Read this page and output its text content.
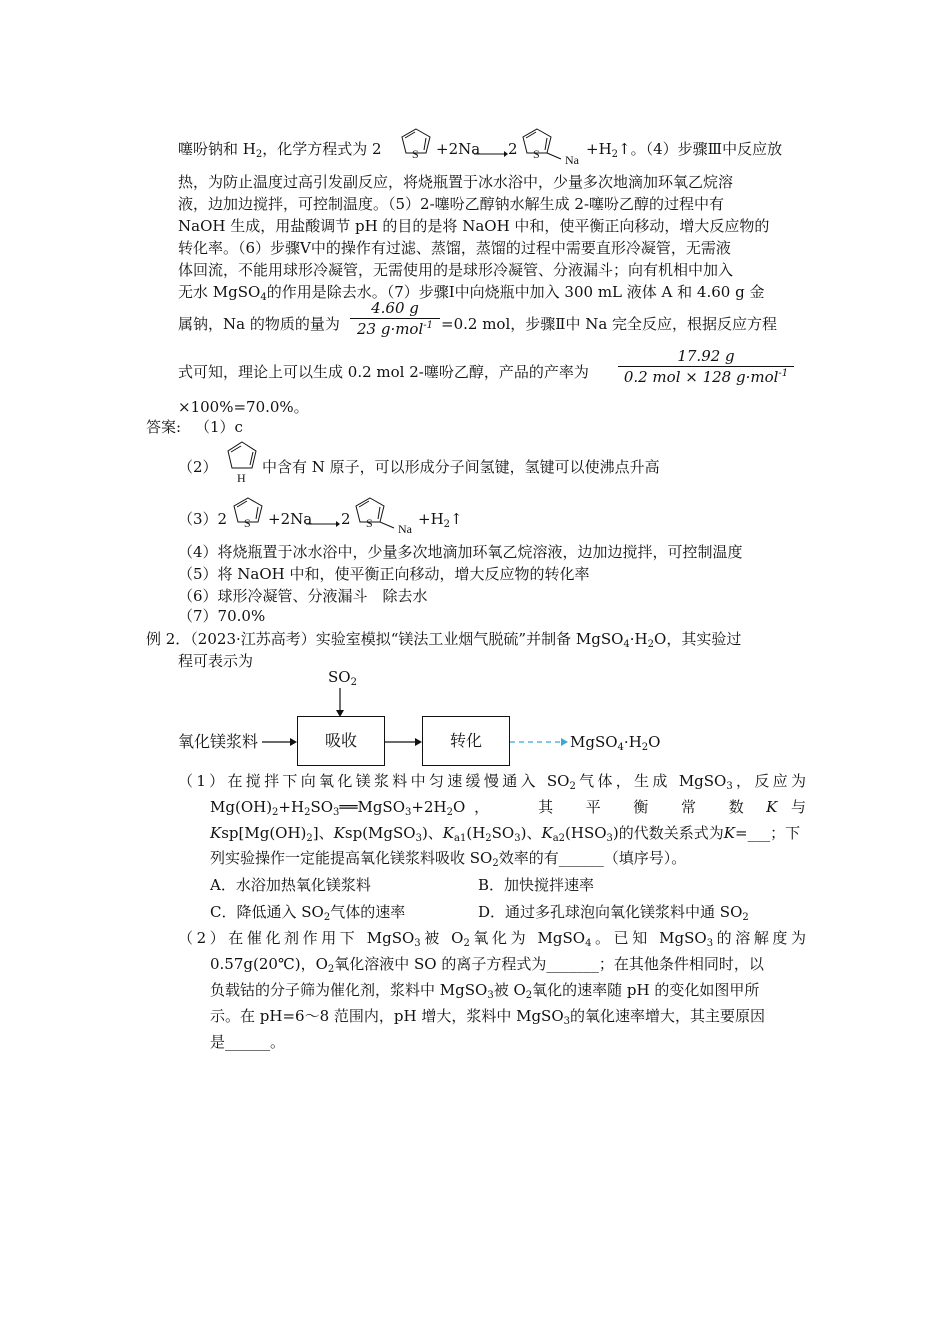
噻吩钠和 $H_2$，化学方程式为 2	S +2Na → 2 S Na
$+H_2↑$。（4）步骤Ⅲ中反应放
热，为防止温度过高引发副反应，将烧瓶置于冰水浴中，少量多次地滴加环氧乙烷溶
液，边加边搅拌，可控制温度。（5）2-噻吩乙醇钠水解生成 2-噻吩乙醇的过程中有
NaOH 生成，用盐酸调节 pH 的目的是将 NaOH 中和，使平衡正向移动，增大反应物的
转化率。（6）步骤Ⅴ中的操作有过滤、蒸馏，蒸馏的过程中需要直形冷凝管，无需液
体回流，不能用球形冷凝管，无需使用的是球形冷凝管、分液漏斗；向有机相中加入
无水 MgSO$_4$的作用是除去水。（7）步骤Ⅰ中向烧瓶中加入 300 mL 液体 A 和 4.60 g 金
属钠，Na 的物质的量为
4.60 g
23 g·mol$^{-1}$ =0.2 mol，步骤Ⅱ中 Na 完全反应，根据反应方程
式可知，理论上可以生成 0.2 mol 2-噻吩乙醇，产品的产率为
17.92 g
0.2 mol × 128 g·mol$^{-1}$
×100%=70.0%。
答案: （1）c
（2）
H
中含有 N 原子，可以形成分子间氢键，氢键可以使沸点升高
（3）2 S +2Na → 2 S Na
$+H_2↑$
（4）将烧瓶置于冰水浴中，少量多次地滴加环氧乙烷溶液，边加边搅拌，可控制温度
（5）将 NaOH 中和，使平衡正向移动，增大反应物的转化率
（6）球形冷凝管、分液漏斗　除去水
（7）70.0%
例 2．（2023·江苏高考）实验室模拟“镁法工业烟气脱硫”并制备 $MgSO_4\cdot H_2O$，其实验过
程可表示为
$SO_2$
氧化镁浆料	吸收	转化	$MgSO_4\cdot H_2O$
（1）在搅拌下向氧化镁浆料中匀速缓慢通入 $SO_2$气体，生成 MgSO$_3$，反应为
$Mg(OH)_2+H_2SO_3══MgSO_3+2H_2O$，　　其　平　衡　常　数 K 与
$Ksp[Mg(OH)_2]$、Ksp(MgSO$_3$)、$K_{a1}(H_2SO_3)$、$K_{a2}(HSO_3)$的代数关系式为K=___；下
列实验操作一定能提高氧化镁浆料吸收 $SO_2$效率的有______（填序号）。
A．水浴加热氧化镁浆料	B．加快搅拌速率
C．降低通入 $SO_2$气体的速率	D．通过多孔球泡向氧化镁浆料中通 $SO_2$
（2）在催化剂作用下 MgSO$_3$被 $O_2$氧化为 MgSO$_4$。已知 MgSO$_3$的溶解度为
0.57g(20℃)，$O_2$氧化溶液中 SO 的离子方程式为_______；在其他条件相同时，以
负载钴的分子筛为催化剂，浆料中 MgSO$_3$被 $O_2$氧化的速率随 pH 的变化如图甲所
示。在 pH=6～8 范围内，pH 增大，浆料中 MgSO$_3$的氧化速率增大，其主要原因
是______。
